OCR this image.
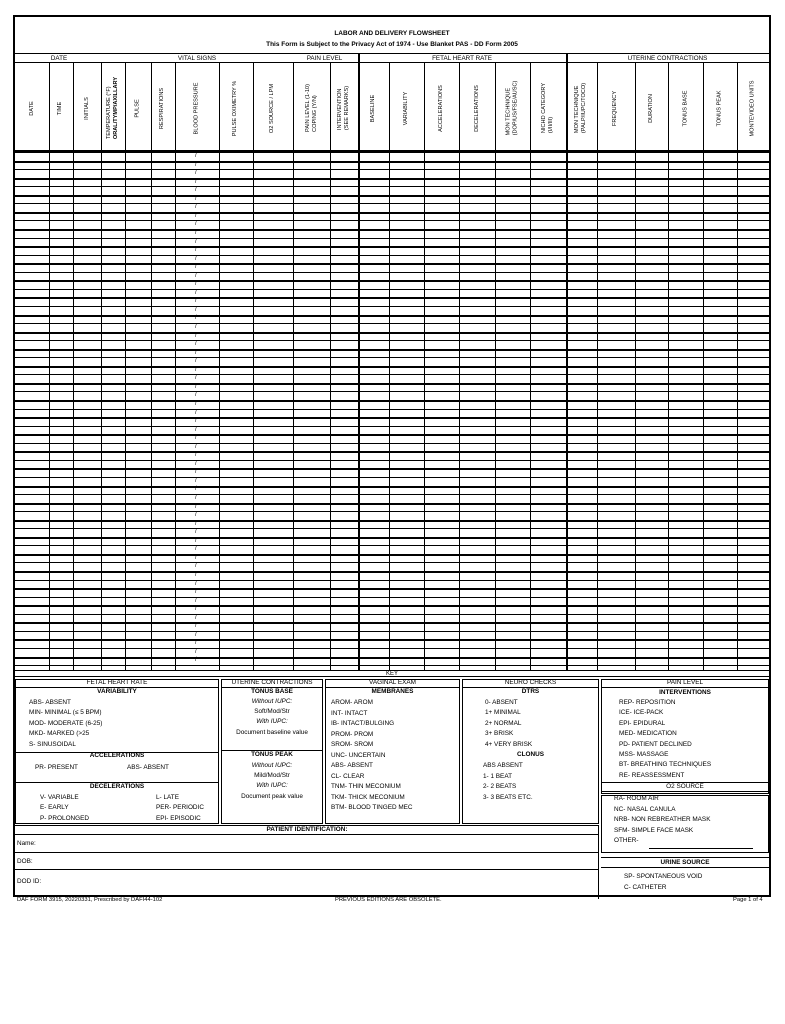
LABOR AND DELIVERY FLOWSHEET
This Form is Subject to the Privacy Act of 1974 - Use Blanket PAS - DD Form 2005
DATE	VITAL SIGNS	PAIN LEVEL	FETAL HEART RATE	UTERINE CONTRACTIONS
DATE	TIME	INITIALS	TEMPERATURE (°F) ORAL/TYMP/AXILLARY	PULSE	RESPIRATIONS	BLOOD PRESSURE	PULSE OXIMETRY %	O2 SOURCE / LPM	PAIN LEVEL (1-10) COPING (Y/N)	INTERVENTION (SEE REMARKS)	BASELINE	VARIABILITY	ACCELERATIONS	DECELERATIONS	MON TECHNIQUE (DOP/US/FSE/AUSC)	NICHD CATEGORY (I/II/III)	MON TECHNIQUE (PALP/IUPC/TOCO)	FREQUENCY	DURATION	TONUS BASE	TONUS PEAK	MONTEVIDEO UNITS
/
/
/
/
/
/
/
/
/
/
/
/
/
/
/
/
/
/
/
/
/
/
/
/
/
/
/
/
/
/
/
/
/
/
/
/
/
/
/
/
/
/
/
/
/
/
/
/
/
/
/
/
/
/
/
/
/
/
/
/
KEY
FETAL HEART RATE
VARIABILITY
ABS- ABSENT
MIN- MINIMAL (≤ 5 BPM)
MOD- MODERATE (6-25)
MKD- MARKED (>25
S- SINUSOIDAL
ACCELERATIONS
PR- PRESENT	ABS- ABSENT
DECELERATIONS
V- VARIABLE
E- EARLY
P- PROLONGED
L- LATE
PER- PERIODIC
EPI- EPISODIC
UTERINE CONTRACTIONS
TONUS BASE
Without IUPC:
Soft/Mod/Str
With IUPC:
Document baseline value
TONUS PEAK
Without IUPC:
Mild/Mod/Str
With IUPC:
Document peak value
VAGINAL EXAM
MEMBRANES
AROM- AROM
INT- INTACT
IB- INTACT/BULGING
PROM- PROM
SROM- SROM
UNC- UNCERTAIN
ABS- ABSENT
CL- CLEAR
TNM- THIN MECONIUM
TKM- THICK MECONIUM
BTM- BLOOD TINGED MEC
NEURO CHECKS
DTRS
0- ABSENT
1+ MINIMAL
2+ NORMAL
3+ BRISK
4+ VERY BRISK
CLONUS
ABS ABSENT
1- 1 BEAT
2- 2 BEATS
3- 3 BEATS ETC.
PAIN LEVEL
INTERVENTIONS
REP- REPOSITION
ICE- ICE-PACK
EPI- EPIDURAL
MED- MEDICATION
PD- PATIENT DECLINED
MSS- MASSAGE
BT- BREATHING TECHNIQUES
RE- REASSESSMENT
O2 SOURCE
RA- ROOM AIR
NC- NASAL CANULA
NRB- NON REBREATHER MASK
SFM- SIMPLE FACE MASK
OTHER-
URINE SOURCE
SP- SPONTANEOUS VOID
C- CATHETER
PATIENT IDENTIFICATION:
Name:
DOB:
DOD ID:
DAF FORM 3915, 20220331, Prescribed by DAFI44-102	PREVIOUS EDITIONS ARE OBSOLETE.	Page 1 of 4
